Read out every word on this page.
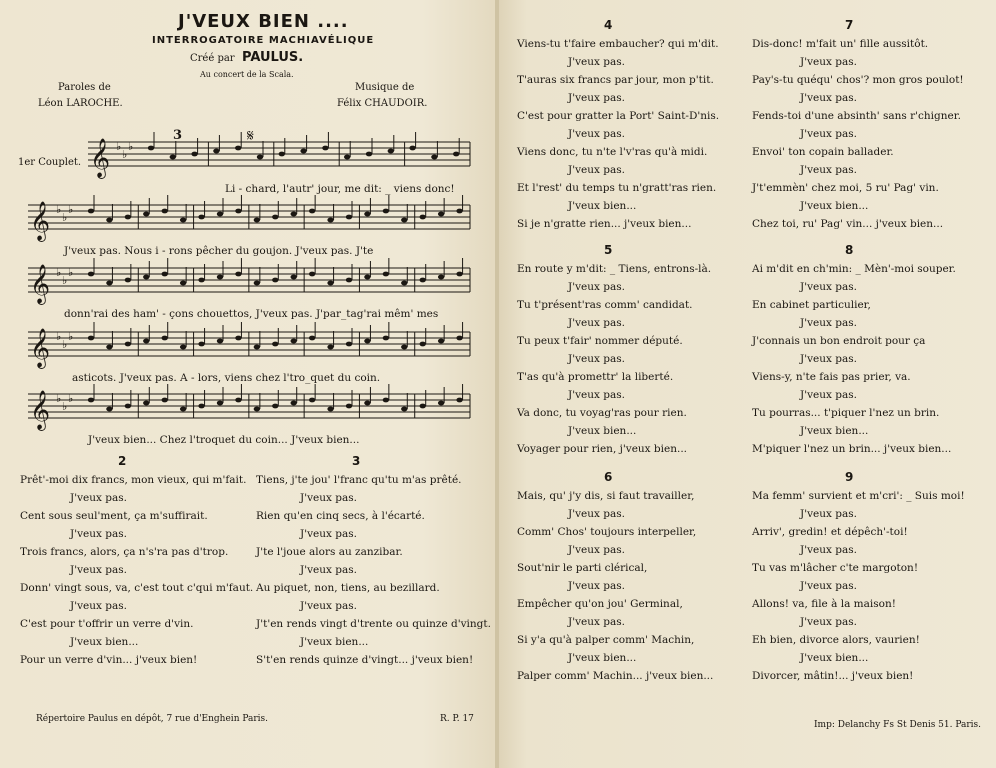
J'VEUX BIEN ....
INTERROGATOIRE MACHIAVÉLIQUE
Créé par PAULUS.
Au concert de la Scala.
Paroles de
Léon LAROCHE.
Musique de
Félix CHAUDOIR.
1er Couplet.
3	𝄋
𝄞 ♭
♭
♭
𝄞 ♭
♭
♭
𝄞 ♭
♭
♭
𝄞 ♭
♭
♭
𝄞 ♭
♭
♭
Li - chard, l'autr' jour, me dit: _ viens donc!
J'veux pas. Nous i - rons pêcher du goujon. J'veux pas. J'te
donn'rai des ham' - çons chouettos, J'veux pas. J'par_tag'rai mêm' mes
asticots. J'veux pas. A - lors, viens chez l'tro_quet du coin.
J'veux bien... Chez l'troquet du coin... J'veux bien...
2
Prêt'-moi dix francs, mon vieux, qui m'fait.
J'veux pas.
Cent sous seul'ment, ça m'suffirait.
J'veux pas.
Trois francs, alors, ça n's'ra pas d'trop.
J'veux pas.
Donn' vingt sous, va, c'est tout c'qui m'faut.
J'veux pas.
C'est pour t'offrir un verre d'vin.
J'veux bien...
Pour un verre d'vin... j'veux bien!
3
Tiens, j'te jou' l'franc qu'tu m'as prêté.
J'veux pas.
Rien qu'en cinq secs, à l'écarté.
J'veux pas.
J'te l'joue alors au zanzibar.
J'veux pas.
Au piquet, non, tiens, au bezillard.
J'veux pas.
J't'en rends vingt d'trente ou quinze d'vingt.
J'veux bien...
S't'en rends quinze d'vingt... j'veux bien!
4
Viens-tu t'faire embaucher? qui m'dit.
J'veux pas.
T'auras six francs par jour, mon p'tit.
J'veux pas.
C'est pour gratter la Port' Saint-D'nis.
J'veux pas.
Viens donc, tu n'te l'v'ras qu'à midi.
J'veux pas.
Et l'rest' du temps tu n'gratt'ras rien.
J'veux bien...
Si je n'gratte rien... j'veux bien...
5
En route y m'dit: _ Tiens, entrons-là.
J'veux pas.
Tu t'présent'ras comm' candidat.
J'veux pas.
Tu peux t'fair' nommer député.
J'veux pas.
T'as qu'à promettr' la liberté.
J'veux pas.
Va donc, tu voyag'ras pour rien.
J'veux bien...
Voyager pour rien, j'veux bien...
6
Mais, qu' j'y dis, si faut travailler,
J'veux pas.
Comm' Chos' toujours interpeller,
J'veux pas.
Sout'nir le parti clérical,
J'veux pas.
Empêcher qu'on jou' Germinal,
J'veux pas.
Si y'a qu'à palper comm' Machin,
J'veux bien...
Palper comm' Machin... j'veux bien...
7
Dis-donc! m'fait un' fille aussitôt.
J'veux pas.
Pay's-tu quéqu' chos'? mon gros poulot!
J'veux pas.
Fends-toi d'une absinth' sans r'chigner.
J'veux pas.
Envoi' ton copain ballader.
J'veux pas.
J't'emmèn' chez moi, 5 ru' Pag' vin.
J'veux bien...
Chez toi, ru' Pag' vin... j'veux bien...
8
Ai m'dit en ch'min: _ Mèn'-moi souper.
J'veux pas.
En cabinet particulier,
J'veux pas.
J'connais un bon endroit pour ça
J'veux pas.
Viens-y, n'te fais pas prier, va.
J'veux pas.
Tu pourras... t'piquer l'nez un brin.
J'veux bien...
M'piquer l'nez un brin... j'veux bien...
9
Ma femm' survient et m'cri': _ Suis moi!
J'veux pas.
Arriv', gredin! et dépêch'-toi!
J'veux pas.
Tu vas m'lâcher c'te margoton!
J'veux pas.
Allons! va, file à la maison!
J'veux pas.
Eh bien, divorce alors, vaurien!
J'veux bien...
Divorcer, mâtin!... j'veux bien!
Répertoire Paulus en dépôt, 7 rue d'Enghein Paris.	R. P. 17
Imp: Delanchy Fs St Denis 51. Paris.
